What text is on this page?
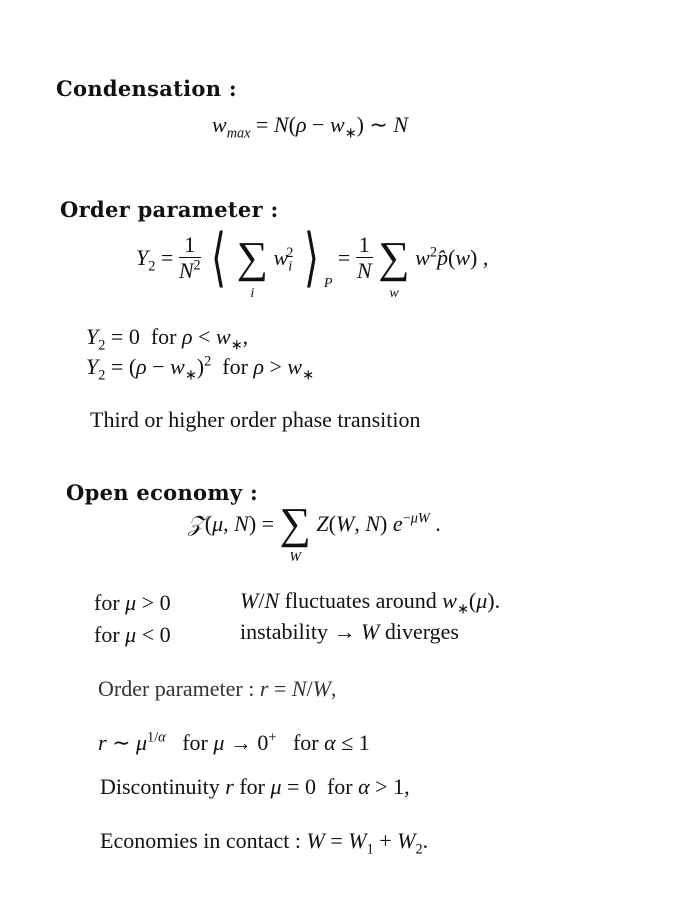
Condensation :
$w_{max} = N(\rho - w_∗)$ ∼ N
Order parameter :
$Y_2 = \frac{1}{N^2}$ ⟨ ∑
i
$w_i^2$ ⟩ $_P = \frac{1}{N}$
∑
w
$w^2p̂(w)$ ,
$Y_2 = 0$  for $\rho < w_∗$,
$Y_2 = (\rho - w_∗)^2$  for $\rho > w_∗$
Third or higher order phase transition
Open economy :
𝒵(μ, N) = ∑
W
Z(W, N) $e^{-\mu W}$ .
for μ > 0	W/N fluctuates around $w_∗(\mu)$.
for μ < 0	instability → W diverges
Order parameter : r = N/W,
r ∼ $\mu^{1/\alpha}$   for μ → 0+   for α ≤ 1
Discontinuity r for μ = 0  for α > 1,
Economies in contact : $W = W_1 + W_2$.
